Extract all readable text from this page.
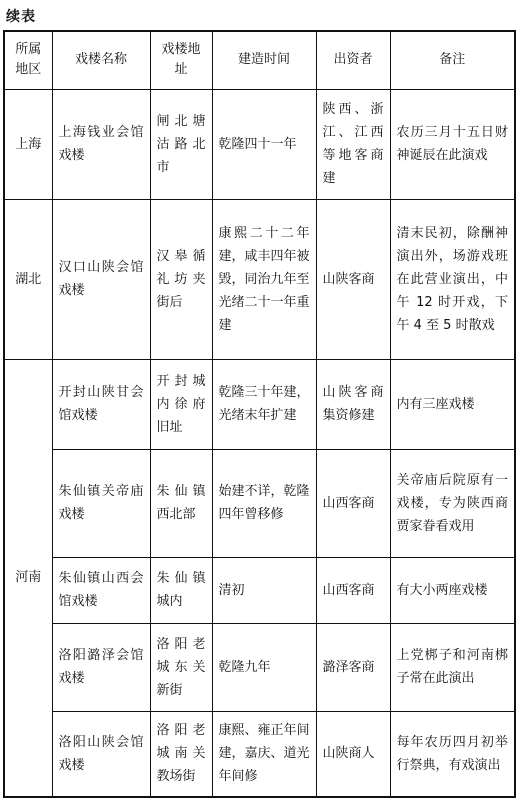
续表
所属地区	戏楼名称	戏楼地址	建造时间	出资者	备注
上海	上海钱业会馆戏楼	闸北塘沽路北市	乾隆四十一年	陕西、浙江、江西等地客商建	农历三月十五日财神诞辰在此演戏
湖北	汉口山陕会馆戏楼	汉皋循礼坊夹街后	康熙二十二年建，咸丰四年被毁，同治九年至光绪二十一年重建	山陕客商	清末民初，除酬神演出外，场游戏班在此营业演出，中午 12 时开戏，下午 4 至 5 时散戏
河南	开封山陕甘会馆戏楼	开封城内徐府旧址	乾隆三十年建，光绪末年扩建	山陕客商集资修建	内有三座戏楼
	朱仙镇关帝庙戏楼	朱仙镇西北部	始建不详，乾隆四年曾移修	山西客商	关帝庙后院原有一戏楼，专为陕西商贾家眷看戏用
	朱仙镇山西会馆戏楼	朱仙镇城内	清初	山西客商	有大小两座戏楼
	洛阳潞泽会馆戏楼	洛阳老城东关新街	乾隆九年	潞泽客商	上党梆子和河南梆子常在此演出
	洛阳山陕会馆戏楼	洛阳老城南关教场街	康熙、雍正年间建，嘉庆、道光年间修	山陕商人	每年农历四月初举行祭典，有戏演出
